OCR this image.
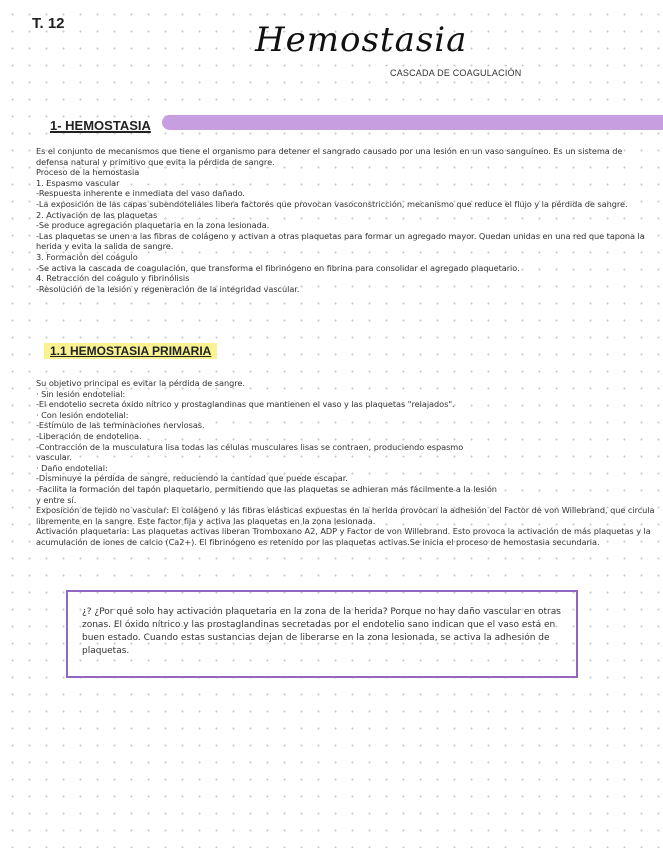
T. 12	Hemostasia
CASCADA DE COAGULACIÓN
1- HEMOSTASIA
Es el conjunto de mecanismos que tiene el organismo para detener el sangrado causado por una lesión en un vaso sanguíneo. Es un sistema de
defensa natural y primitivo que evita la pérdida de sangre.
Proceso de la hemostasia
1. Espasmo vascular
-Respuesta inherente e inmediata del vaso dañado.
-La exposición de las capas subendoteliales libera factores que provocan vasoconstricción, mecanismo que reduce el flujo y la pérdida de sangre.
2. Activación de las plaquetas
-Se produce agregación plaquetaria en la zona lesionada.
-Las plaquetas se unen a las fibras de colágeno y activan a otras plaquetas para formar un agregado mayor. Quedan unidas en una red que tapona la
herida y evita la salida de sangre.
3. Formación del coágulo
-Se activa la cascada de coagulación, que transforma el fibrinógeno en fibrina para consolidar el agregado plaquetario.
4. Retracción del coágulo y fibrinólisis
-Resolución de la lesión y regeneración de la integridad vascular.
1.1 HEMOSTASIA PRIMARIA
Su objetivo principal es evitar la pérdida de sangre.
· Sin lesión endotelial:
-El endotelio secreta óxido nítrico y prostaglandinas que mantienen el vaso y las plaquetas "relajados".
· Con lesión endotelial:
-Estímulo de las terminaciones nerviosas.
-Liberación de endotelina.
-Contracción de la musculatura lisa todas las células musculares lisas se contraen, produciendo espasmo
vascular.
· Daño endotelial:
-Disminuye la pérdida de sangre, reduciendo la cantidad que puede escapar.
-Facilita la formación del tapón plaquetario, permitiendo que las plaquetas se adhieran más fácilmente a la lesión
y entre sí.
Exposición de tejido no vascular: El colágeno y las fibras elásticas expuestas en la herida provocan la adhesión del Factor de von Willebrand, que circula
libremente en la sangre. Este factor fija y activa las plaquetas en la zona lesionada.
Activación plaquetaria: Las plaquetas activas liberan Tromboxano A2, ADP y Factor de von Willebrand. Esto provoca la activación de más plaquetas y la
acumulación de iones de calcio (Ca2+). El fibrinógeno es retenido por las plaquetas activas.Se inicia el proceso de hemostasia secundaria.
¿? ¿Por qué solo hay activación plaquetaria en la zona de la herida? Porque no hay daño vascular en otras
zonas. El óxido nítrico y las prostaglandinas secretadas por el endotelio sano indican que el vaso está en
buen estado. Cuando estas sustancias dejan de liberarse en la zona lesionada, se activa la adhesión de
plaquetas.
